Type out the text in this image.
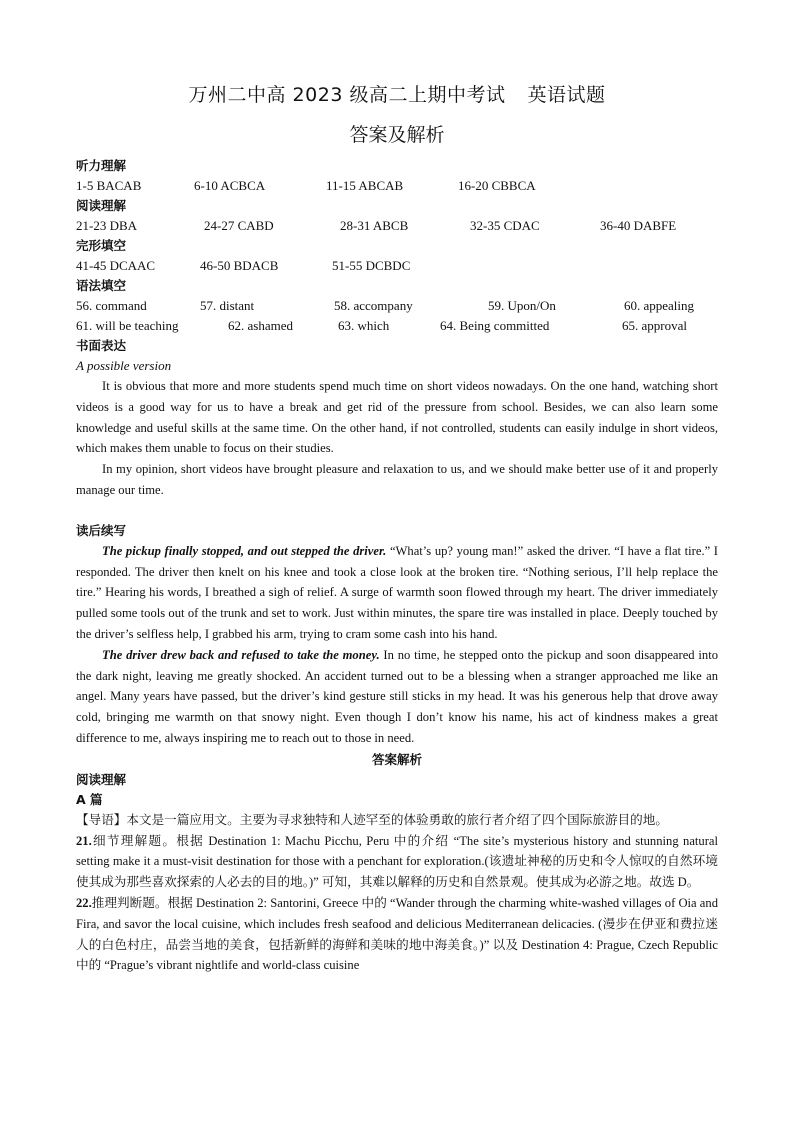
万州二中高 2023 级高二上期中考试 英语试题
答案及解析
听力理解
1-5 BACAB	6-10 ACBCA	11-15 ABCAB	16-20 CBBCA
阅读理解
21-23 DBA	24-27 CABD	28-31 ABCB	32-35 CDAC	36-40 DABFE
完形填空
41-45 DCAAC	46-50 BDACB	51-55 DCBDC
语法填空
56. command	57. distant	58. accompany	59. Upon/On	60. appealing
61. will be teaching	62. ashamed	63. which	64. Being committed	65. approval
书面表达
A possible version

It is obvious that more and more students spend much time on short videos nowadays. On the one hand, watching short videos is a good way for us to have a break and get rid of the pressure from school. Besides, we can also learn some knowledge and useful skills at the same time. On the other hand, if not controlled, students can easily indulge in short videos, which makes them unable to focus on their studies.

In my opinion, short videos have brought pleasure and relaxation to us, and we should make better use of it and properly manage our time.

读后续写

The pickup finally stopped, and out stepped the driver. “What’s up? young man!” asked the driver. “I have a flat tire.” I responded. The driver then knelt on his knee and took a close look at the broken tire. “Nothing serious, I’ll help replace the tire.” Hearing his words, I breathed a sigh of relief. A surge of warmth soon flowed through my heart. The driver immediately pulled some tools out of the trunk and set to work. Just within minutes, the spare tire was installed in place. Deeply touched by the driver’s selfless help, I grabbed his arm, trying to cram some cash into his hand.

The driver drew back and refused to take the money. In no time, he stepped onto the pickup and soon disappeared into the dark night, leaving me greatly shocked. An accident turned out to be a blessing when a stranger approached me like an angel. Many years have passed, but the driver’s kind gesture still sticks in my head. It was his generous help that drove away cold, bringing me warmth on that snowy night. Even though I don’t know his name, his act of kindness makes a great difference to me, always inspiring me to reach out to those in need.

答案解析
阅读理解
A 篇

【导语】本文是一篇应用文。主要为寻求独特和人迹罕至的体验勇敢的旅行者介绍了四个国际旅游目的地。

21.细节理解题。根据 Destination 1: Machu Picchu, Peru 中的介绍 “The site’s mysterious history and stunning natural setting make it a must-visit destination for those with a penchant for exploration.(该遗址神秘的历史和令人惊叹的自然环境使其成为那些喜欢探索的人必去的目的地。)” 可知，其难以解释的历史和自然景观。使其成为必游之地。故选 D。

22.推理判断题。根据 Destination 2: Santorini, Greece 中的 “Wander through the charming white-washed villages of Oia and Fira, and savor the local cuisine, which includes fresh seafood and delicious Mediterranean delicacies. (漫步在伊亚和费拉迷人的白色村庄，品尝当地的美食，包括新鲜的海鲜和美味的地中海美食。)” 以及 Destination 4: Prague, Czech Republic 中的 “Prague’s vibrant nightlife and world-class cuisine
